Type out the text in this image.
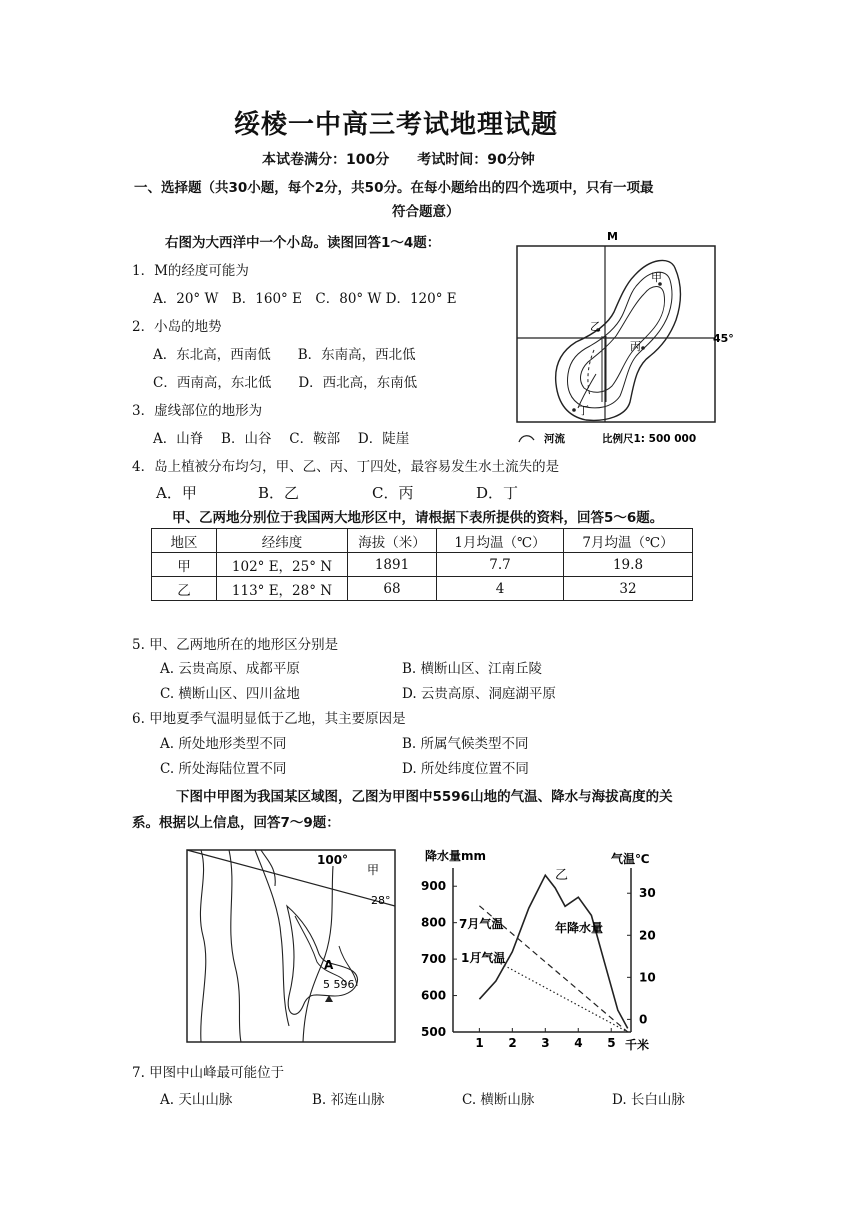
绥棱一中高三考试地理试题
本试卷满分：100分　　考试时间：90分钟
一、选择题（共30小题，每个2分，共50分。在每小题给出的四个选项中，只有一项最
符合题意）
右图为大西洋中一个小岛。读图回答1～4题：
1．M的经度可能为
A．20° W　B．160° E　C．80° W D．120° E
2．小岛的地势
A．东北高，西南低　　B．东南高，西北低
C．西南高，东北低　　D．西北高，东南低
3．虚线部位的地形为
A．山脊　 B．山谷　 C．鞍部　 D．陡崖
4．岛上植被分布均匀，甲、乙、丙、丁四处，最容易发生水土流失的是
A．甲	B．乙	C．丙	D．丁
M
45°
甲
乙
丙
丁
河流	比例尺1: 500 000
甲、乙两地分别位于我国两大地形区中，请根据下表所提供的资料，回答5～6题。
地区	经纬度	海拔（米）	1月均温（℃）	7月均温（℃）
甲	102° E，25° N	1891	7.7	19.8
乙	113° E，28° N	68	4	32
5. 甲、乙两地所在的地形区分别是
A. 云贵高原、成都平原	B. 横断山区、江南丘陵
C. 横断山区、四川盆地	D. 云贵高原、洞庭湖平原
6. 甲地夏季气温明显低于乙地，其主要原因是
A. 所处地形类型不同	B. 所属气候类型不同
C. 所处海陆位置不同	D. 所处纬度位置不同
下图中甲图为我国某区域图，乙图为甲图中5596山地的气温、降水与海拔高度的关
系。根据以上信息，回答7～9题：
100°
甲
28°
A
5 596
降水量mm	气温℃
乙
千米
1 2 3 4 5
500
600
700
800
900
0
10
20
30
7月气温
1月气温
年降水量
7. 甲图中山峰最可能位于
A. 天山山脉	B. 祁连山脉	C. 横断山脉	D. 长白山脉
